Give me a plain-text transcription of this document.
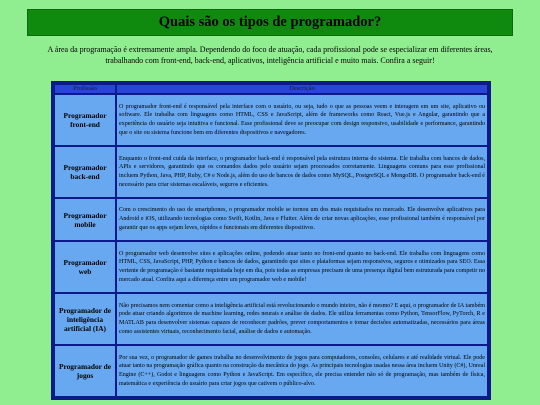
Quais são os tipos de programador?

A área da programação é extremamente ampla. Dependendo do foco de atuação, cada profissional pode se especializar em diferentes áreas, trabalhando com front-end, back-end, aplicativos, inteligência artificial e muito mais. Confira a seguir!

Profissão	Descrição
Programador front-end	O programador front-end é responsável pela interface com o usuário, ou seja, tudo o que as pessoas veem e interagem em um site, aplicativo ou software. Ele trabalha com linguagens como HTML, CSS e JavaScript, além de frameworks como React, Vue.js e Angular, garantindo que a experiência do usuário seja intuitiva e funcional. Esse profissional deve se preocupar com design responsivo, usabilidade e performance, garantindo que o site ou sistema funcione bem em diferentes dispositivos e navegadores.
Programador back-end	Enquanto o front-end cuida da interface, o programador back-end é responsável pela estrutura interna do sistema. Ele trabalha com bancos de dados, APIs e servidores, garantindo que os comandos dados pelo usuário sejam processados corretamente. Linguagens comuns para esse profissional incluem Python, Java, PHP, Ruby, C# e Node.js, além do uso de bancos de dados como MySQL, PostgreSQL e MongoDB. O programador back-end é necessário para criar sistemas escaláveis, seguros e eficientes.
Programador mobile	Com o crescimento do uso de smartphones, o programador mobile se tornou um dos mais requisitados no mercado. Ele desenvolve aplicativos para Android e iOS, utilizando tecnologias como Swift, Kotlin, Java e Flutter. Além de criar novas aplicações, esse profissional também é responsável por garantir que os apps sejam leves, rápidos e funcionais em diferentes dispositivos.
Programador web	O programador web desenvolve sites e aplicações online, podendo atuar tanto no front-end quanto no back-end. Ele trabalha com linguagens como HTML, CSS, JavaScript, PHP, Python e bancos de dados, garantindo que sites e plataformas sejam responsivos, seguros e otimizados para SEO. Essa vertente de programação é bastante requisitada hoje em dia, pois todas as empresas precisam de uma presença digital bem estruturada para competir no mercado atual. Confira aqui a diferença entre um programador web e mobile!
Programador de inteligência artificial (IA)	Não precisamos nem comentar como a inteligência artificial está revolucionando o mundo inteiro, não é mesmo? E aqui, o programador de IA também pode atuar criando algoritmos de machine learning, redes neurais e análise de dados. Ele utiliza ferramentas como Python, TensorFlow, PyTorch, R e MATLAB para desenvolver sistemas capazes de reconhecer padrões, prever comportamentos e tomar decisões automatizadas, necessários para áreas como assistentes virtuais, reconhecimento facial, análise de dados e automação.
Programador de jogos	Por sua vez, o programador de games trabalha no desenvolvimento de jogos para computadores, consoles, celulares e até realidade virtual. Ele pode atuar tanto na programação gráfica quanto na construção da mecânica do jogo. As principais tecnologias usadas nessa área incluem Unity (C#), Unreal Engine (C++), Godot e linguagens como Python e JavaScript. Em específico, ele precisa entender não só de programação, mas também de física, matemática e experiência do usuário para criar jogos que cativem o público-alvo.
